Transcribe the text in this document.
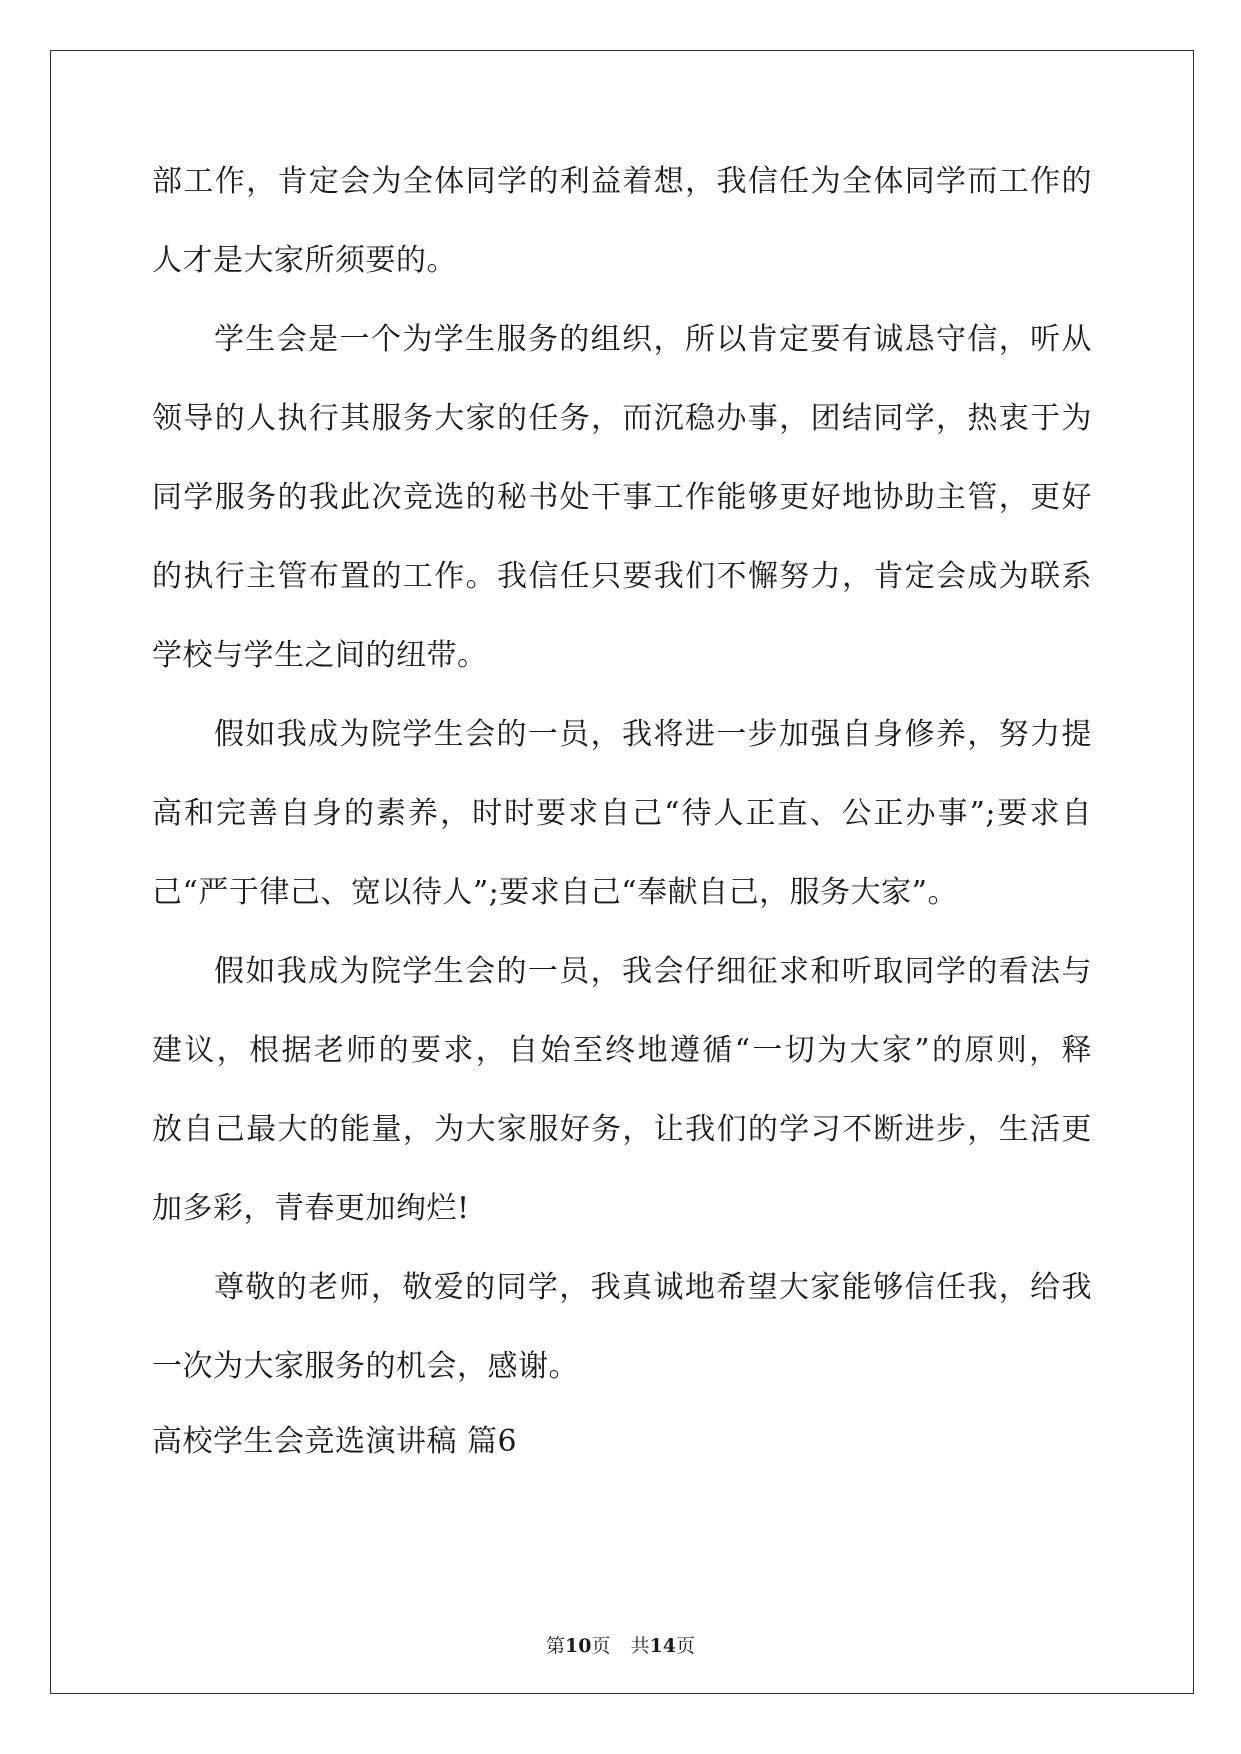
部工作，肯定会为全体同学的利益着想，我信任为全体同学而工作的
人才是大家所须要的。
学生会是一个为学生服务的组织，所以肯定要有诚恳守信，听从
领导的人执行其服务大家的任务，而沉稳办事，团结同学，热衷于为
同学服务的我此次竞选的秘书处干事工作能够更好地协助主管，更好
的执行主管布置的工作。我信任只要我们不懈努力，肯定会成为联系
学校与学生之间的纽带。
假如我成为院学生会的一员，我将进一步加强自身修养，努力提
高和完善自身的素养，时时要求自己“待人正直、公正办事”;要求自
己“严于律己、宽以待人”;要求自己“奉献自己，服务大家”。
假如我成为院学生会的一员，我会仔细征求和听取同学的看法与
建议，根据老师的要求，自始至终地遵循“一切为大家”的原则，释
放自己最大的能量，为大家服好务，让我们的学习不断进步，生活更
加多彩，青春更加绚烂!
尊敬的老师，敬爱的同学，我真诚地希望大家能够信任我，给我
一次为大家服务的机会，感谢。
高校学生会竞选演讲稿 篇6
第10页 共14页
